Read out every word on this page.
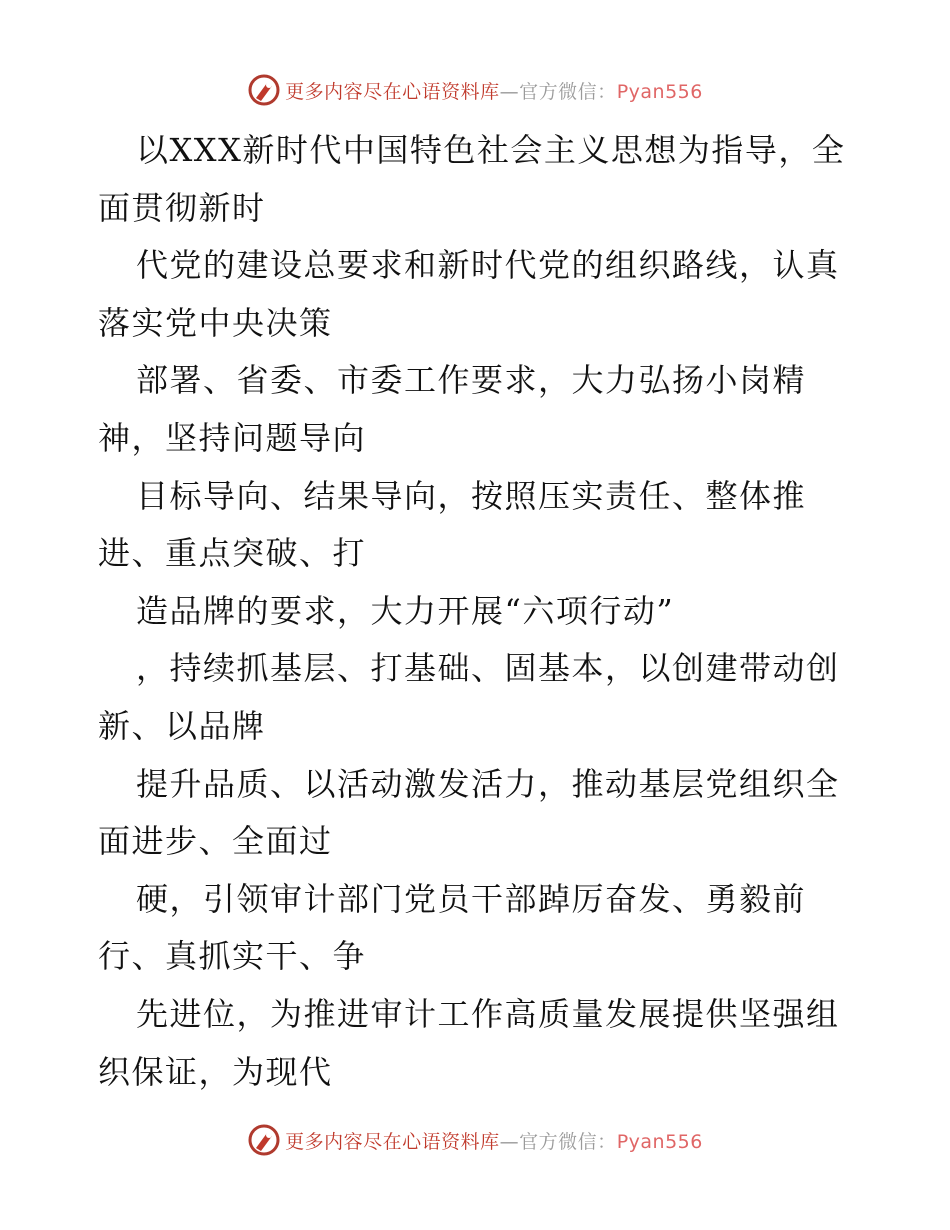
更多内容尽在心语资料库—官方微信：Pyan556
以XXX新时代中国特色社会主义思想为指导，全
面贯彻新时
代党的建设总要求和新时代党的组织路线，认真
落实党中央决策
部署、省委、市委工作要求，大力弘扬小岗精
神，坚持问题导向
目标导向、结果导向，按照压实责任、整体推
进、重点突破、打
造品牌的要求，大力开展“六项行动”
，持续抓基层、打基础、固基本，以创建带动创
新、以品牌
提升品质、以活动激发活力，推动基层党组织全
面进步、全面过
硬，引领审计部门党员干部踔厉奋发、勇毅前
行、真抓实干、争
先进位，为推进审计工作高质量发展提供坚强组
织保证，为现代
更多内容尽在心语资料库—官方微信：Pyan556
